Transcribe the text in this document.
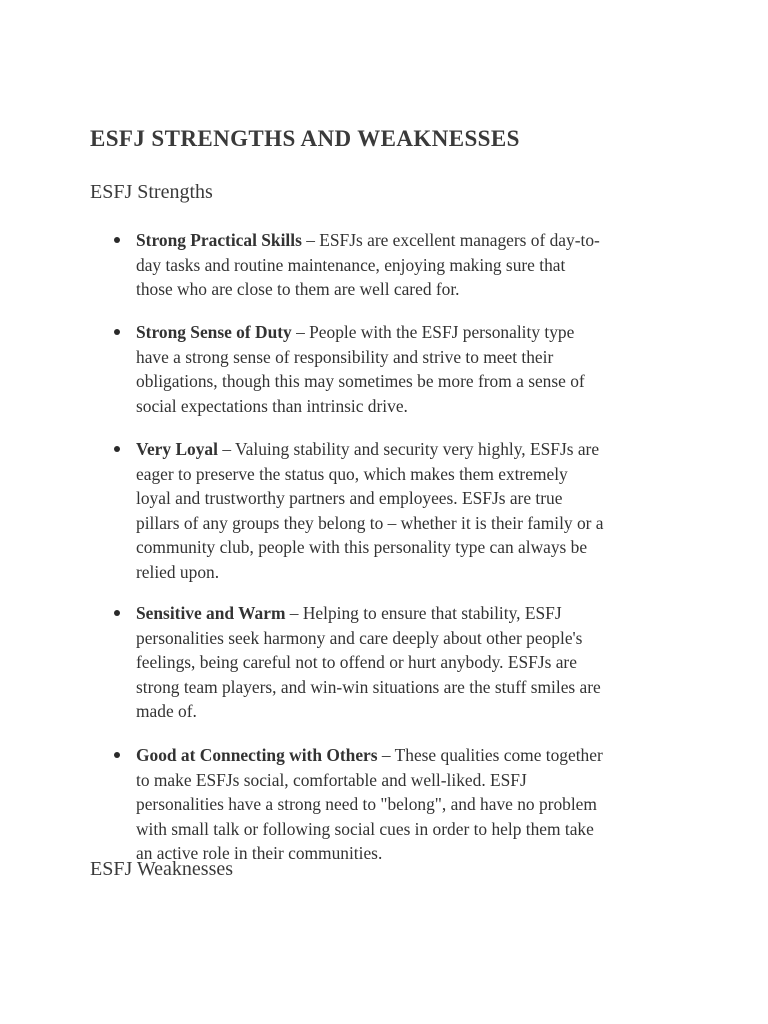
ESFJ STRENGTHS AND WEAKNESSES
ESFJ Strengths
Strong Practical Skills – ESFJs are excellent managers of day-to-
day tasks and routine maintenance, enjoying making sure that
those who are close to them are well cared for.
Strong Sense of Duty – People with the ESFJ personality type
have a strong sense of responsibility and strive to meet their
obligations, though this may sometimes be more from a sense of
social expectations than intrinsic drive.
Very Loyal – Valuing stability and security very highly, ESFJs are
eager to preserve the status quo, which makes them extremely
loyal and trustworthy partners and employees. ESFJs are true
pillars of any groups they belong to – whether it is their family or a
community club, people with this personality type can always be
relied upon.
Sensitive and Warm – Helping to ensure that stability, ESFJ
personalities seek harmony and care deeply about other people's
feelings, being careful not to offend or hurt anybody. ESFJs are
strong team players, and win-win situations are the stuff smiles are
made of.
Good at Connecting with Others – These qualities come together
to make ESFJs social, comfortable and well-liked. ESFJ
personalities have a strong need to "belong", and have no problem
with small talk or following social cues in order to help them take
an active role in their communities.
ESFJ Weaknesses
